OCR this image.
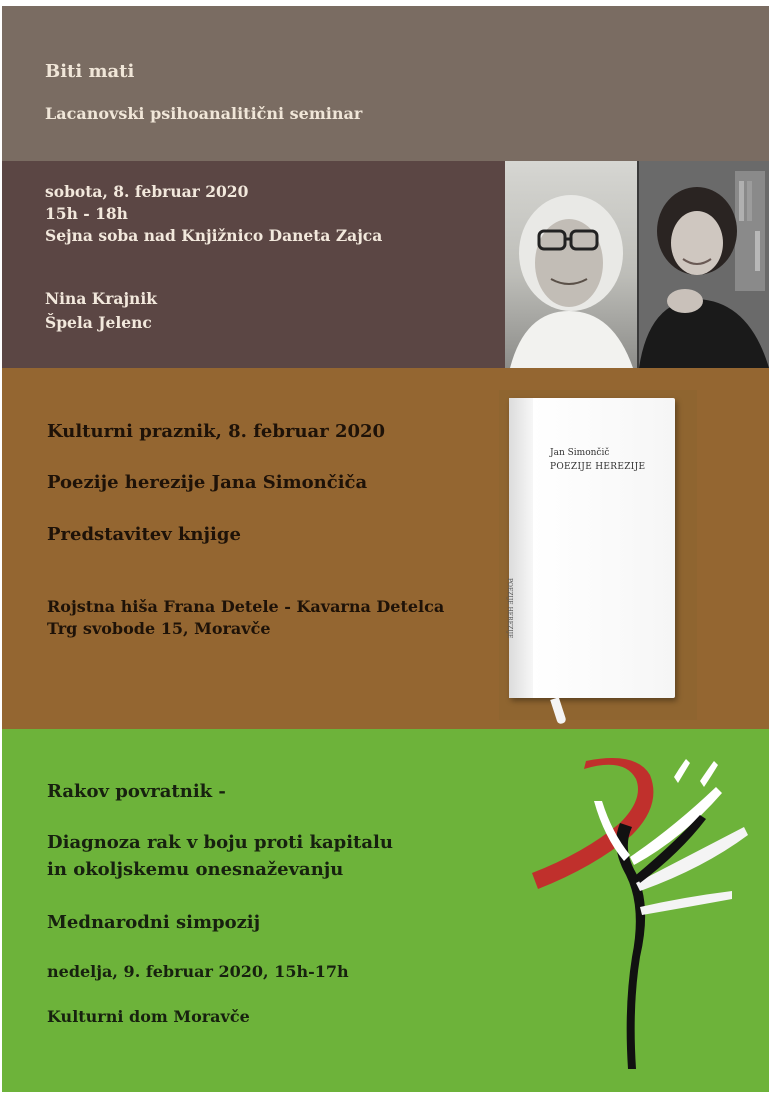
Biti mati

Lacanovski psihoanalitični seminar

sobota, 8. februar 2020

15h - 18h

Sejna soba nad Knjižnico Daneta Zajca

Nina Krajnik

Špela Jelenc

Kulturni praznik, 8. februar 2020

Poezije herezije Jana Simončiča

Predstavitev knjige

Rojstna hiša Frana Detele - Kavarna Detelca

Trg svobode 15, Moravče

Jan Simončič
POEZIJE HEREZIJE
POEZIJE HEREZIJE

Rakov povratnik -

Diagnoza rak v boju proti kapitalu

in okoljskemu onesnaževanju

Mednarodni simpozij

nedelja, 9. februar 2020, 15h-17h

Kulturni dom Moravče
